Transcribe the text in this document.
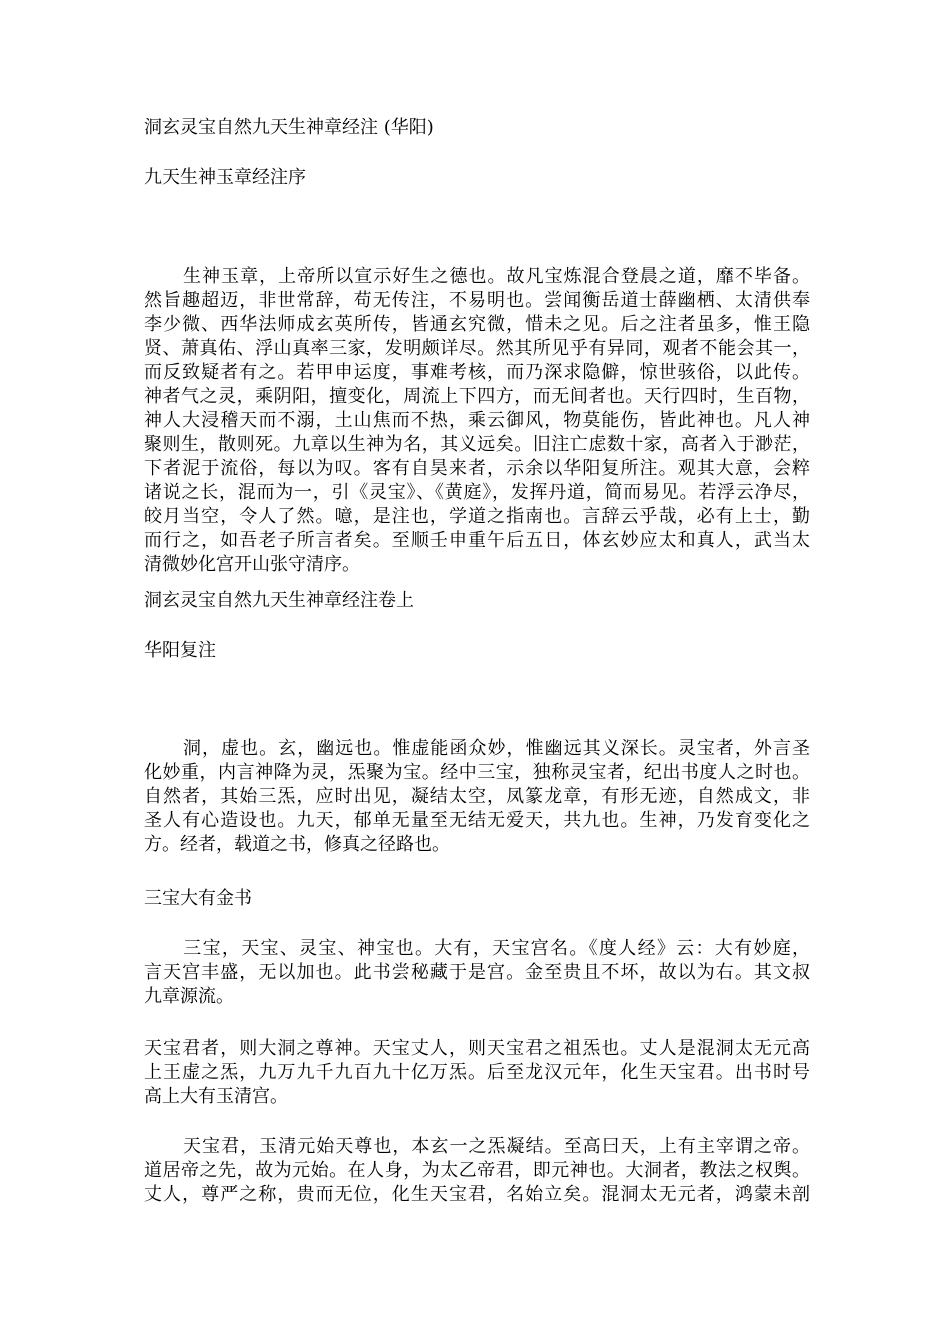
洞玄灵宝自然九天生神章经注 (华阳)
九天生神玉章经注序
生神玉章，上帝所以宣示好生之德也。故凡宝炼混合登晨之道，靡不毕备。
然旨趣超迈，非世常辞，苟无传注，不易明也。尝闻衡岳道士薛幽栖、太清供奉
李少微、西华法师成玄英所传，皆通玄究微，惜未之见。后之注者虽多，惟王隐
贤、萧真佑、浮山真率三家，发明颇详尽。然其所见乎有异同，观者不能会其一，
而反致疑者有之。若甲申运度，事难考核，而乃深求隐僻，惊世骇俗，以此传。
神者气之灵，乘阴阳，擅变化，周流上下四方，而无间者也。天行四时，生百物，
神人大浸稽天而不溺，土山焦而不热，乘云御风，物莫能伤，皆此神也。凡人神
聚则生，散则死。九章以生神为名，其义远矣。旧注亡虑数十家，高者入于渺茫，
下者泥于流俗，每以为叹。客有自昊来者，示余以华阳复所注。观其大意，会粹
诸说之长，混而为一，引《灵宝》、《黄庭》，发挥丹道，简而易见。若浮云净尽，
皎月当空，令人了然。噫，是注也，学道之指南也。言辞云乎哉，必有上士，勤
而行之，如吾老子所言者矣。至顺壬申重午后五日，体玄妙应太和真人，武当太
清微妙化宫开山张守清序。
洞玄灵宝自然九天生神章经注卷上
华阳复注
洞，虚也。玄，幽远也。惟虚能函众妙，惟幽远其义深长。灵宝者，外言圣
化妙重，内言神降为灵，炁聚为宝。经中三宝，独称灵宝者，纪出书度人之时也。
自然者，其始三炁，应时出见，凝结太空，凤篆龙章，有形无迹，自然成文，非
圣人有心造设也。九天，郁单无量至无结无爱天，共九也。生神，乃发育变化之
方。经者，载道之书，修真之径路也。
三宝大有金书
三宝，天宝、灵宝、神宝也。大有，天宝宫名。《度人经》云：大有妙庭，
言天宫丰盛，无以加也。此书尝秘藏于是宫。金至贵且不坏，故以为右。其文叔
九章源流。
天宝君者，则大洞之尊神。天宝丈人，则天宝君之祖炁也。丈人是混洞太无元高
上王虚之炁，九万九千九百九十亿万炁。后至龙汉元年，化生天宝君。出书时号
高上大有玉清宫。
天宝君，玉清元始天尊也，本玄一之炁凝结。至高曰天，上有主宰谓之帝。
道居帝之先，故为元始。在人身，为太乙帝君，即元神也。大洞者，教法之权舆。
丈人，尊严之称，贵而无位，化生天宝君，名始立矣。混洞太无元者，鸿蒙未剖
